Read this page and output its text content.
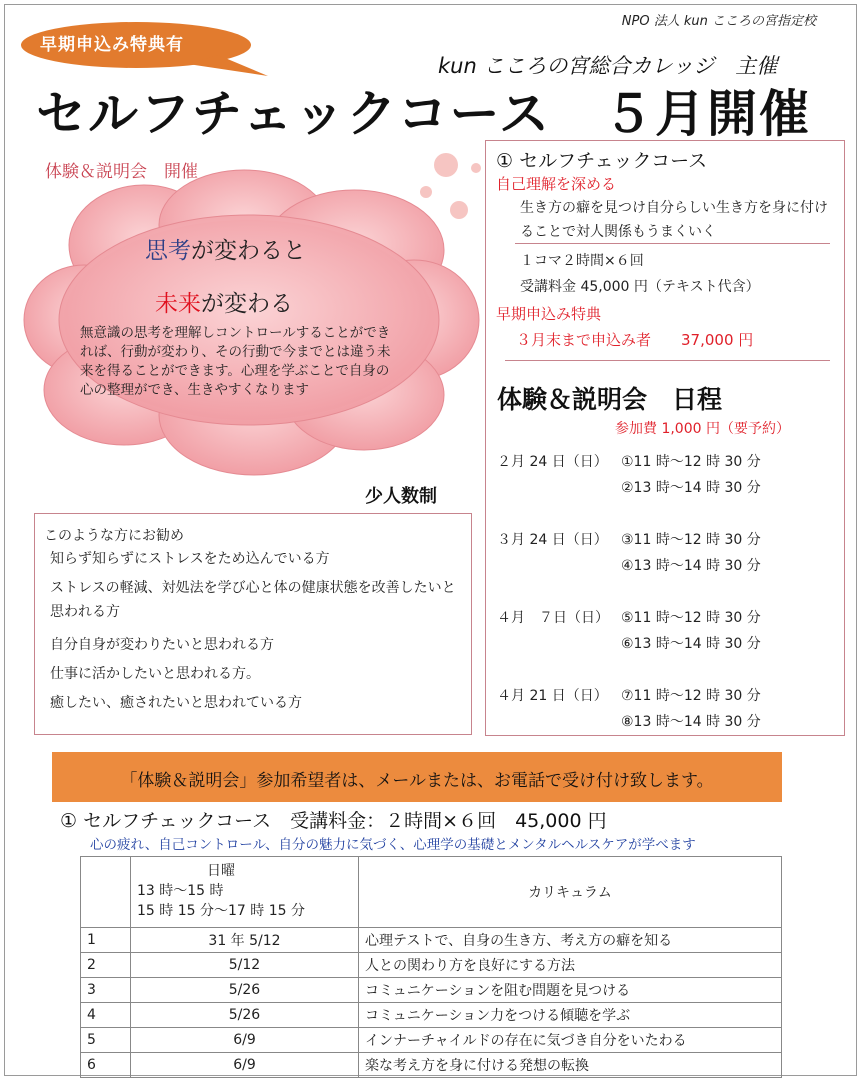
NPO 法人 kun こころの宮指定校
早期申込み特典有
kun こころの宮総合カレッジ　主催
セルフチェックコース　５月開催
体験＆説明会　開催
思考が変わると
未来が変わる
無意識の思考を理解しコントロールすることができれば、行動が変わり、その行動で今までとは違う未来を得ることができます。心理を学ぶことで自身の心の整理ができ、生きやすくなります
少人数制
このような方にお勧め
知らず知らずにストレスをため込んでいる方
ストレスの軽減、対処法を学び心と体の健康状態を改善したいと思われる方
自分自身が変わりたいと思われる方
仕事に活かしたいと思われる方。
癒したい、癒されたいと思われている方
① セルフチェックコース
自己理解を深める
生き方の癖を見つけ自分らしい生き方を身に付けることで対人関係もうまくいく
１コマ２時間×６回
受講料金 45,000 円（テキスト代含）
早期申込み特典
３月末まで申込み者　　37,000 円
体験＆説明会　日程
参加費 1,000 円（要予約）
２月 24 日（日） ①11 時～12 時 30 分
②13 時～14 時 30 分
３月 24 日（日） ③11 時～12 時 30 分
④13 時～14 時 30 分
４月　７日（日） ⑤11 時～12 時 30 分
⑥13 時～14 時 30 分
４月 21 日（日） ⑦11 時～12 時 30 分
⑧13 時～14 時 30 分
「体験＆説明会」参加希望者は、メールまたは、お電話で受け付け致します。
① セルフチェックコース　受講料金：２時間×６回　45,000 円
心の疲れ、自己コントロール、自分の魅力に気づく、心理学の基礎とメンタルヘルスケアが学べます

	日曜
13 時～15 時
15 時 15 分～17 時 15 分	カリキュラム
1	31 年 5/12	心理テストで、自身の生き方、考え方の癖を知る
2	5/12	人との関わり方を良好にする方法
3	5/26	コミュニケーションを阻む問題を見つける
4	5/26	コミュニケーション力をつける傾聴を学ぶ
5	6/9	インナーチャイルドの存在に気づき自分をいたわる
6	6/9	楽な考え方を身に付ける発想の転換
